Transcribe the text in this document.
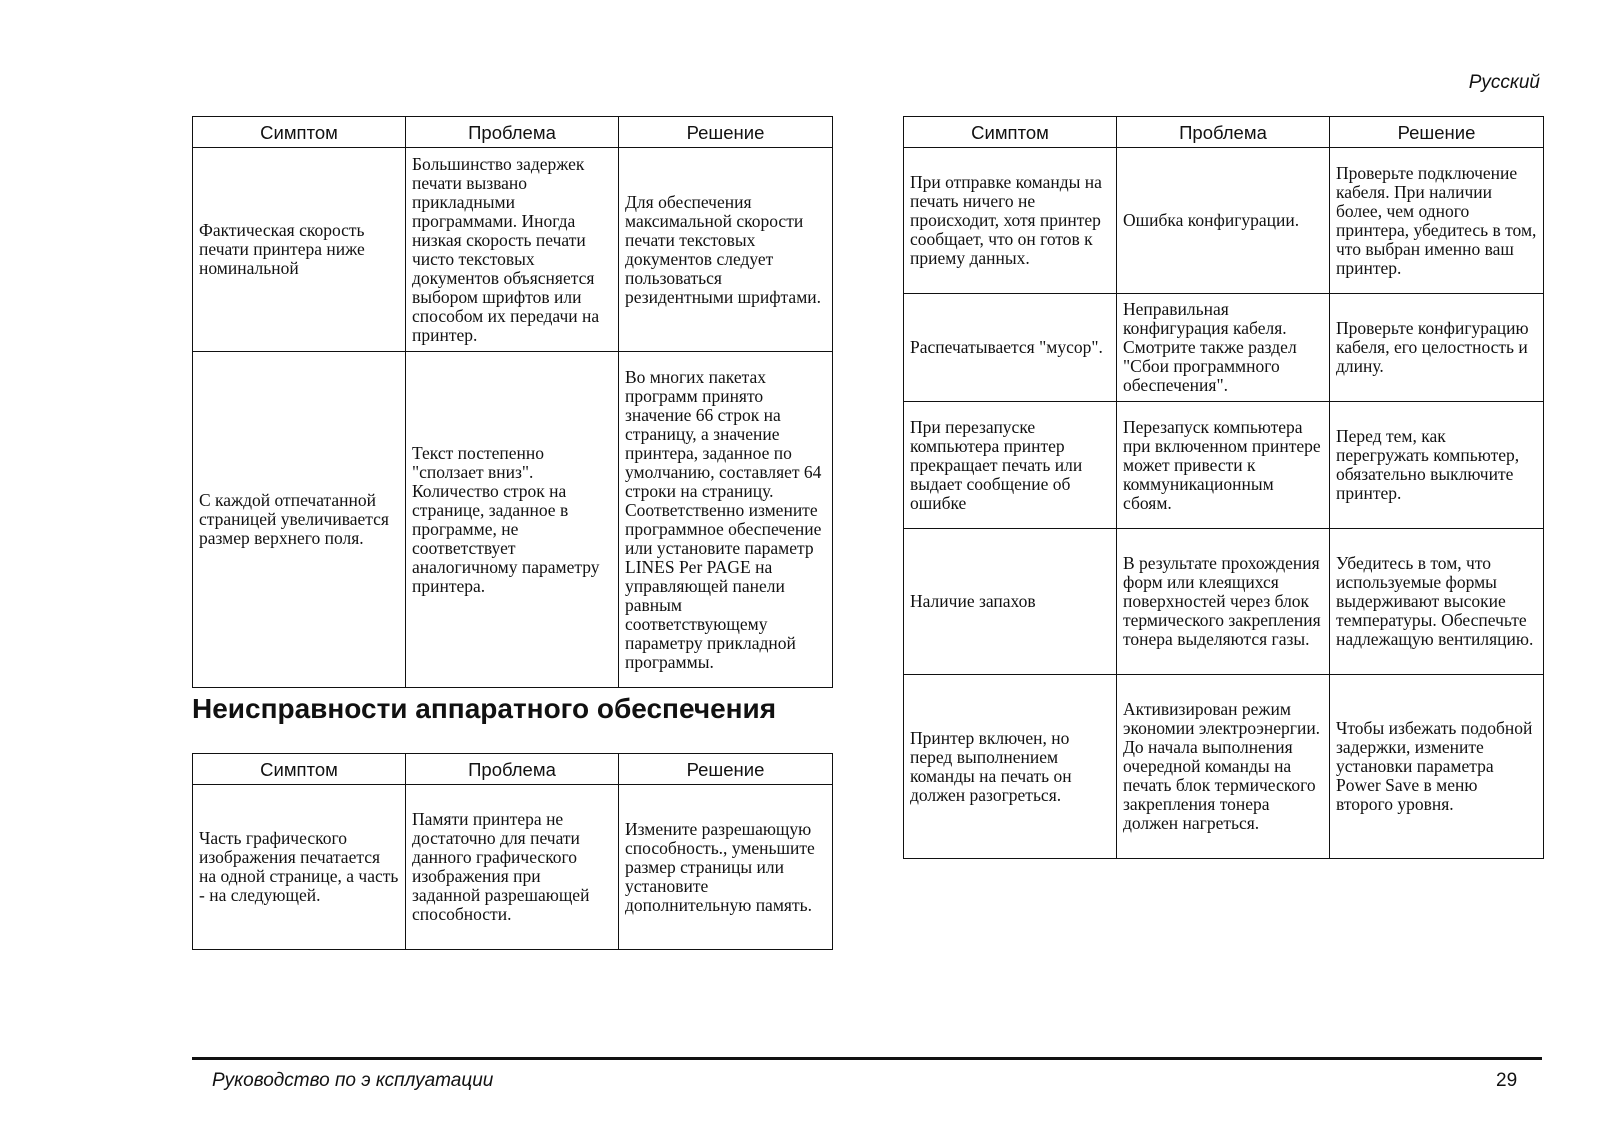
Русский
Симптом	Проблема	Решение
Фактическая скорость печати принтера ниже номинальной	Большинство задержек печати вызвано прикладными программами. Иногда низкая скорость печати чисто текстовых документов объясняется выбором шрифтов или способом их передачи на принтер.	Для обеспечения максимальной скорости печати текстовых документов следует пользоваться резидентными шрифтами.
С каждой отпечатанной страницей увеличивается размер верхнего поля.	Текст постепенно "сползает вниз". Количество строк на странице, заданное в программе, не соответствует аналогичному параметру принтера.	Во многих пакетах программ принято значение 66 строк на страницу, а значение принтера, заданное по умолчанию, составляет 64 строки на страницу. Соответственно измените программное обеспечение или установите параметр LINES Per PAGE на управляющей панели равным соответствующему параметру прикладной программы.
Неисправности аппаратного обеспечения
Симптом	Проблема	Решение
Часть графического изображения печатается на одной странице, а часть - на следующей.	Памяти принтера не достаточно для печати данного графического изображения при заданной разрешающей способности.	Измените разрешающую способность., уменьшите размер страницы или установите дополнительную память.
Симптом	Проблема	Решение
При отправке команды на печать ничего не происходит, хотя принтер сообщает, что он готов к приему данных.	Ошибка конфигурации.	Проверьте подключение кабеля. При наличии более, чем одного принтера, убедитесь в том, что выбран именно ваш принтер.
Распечатывается "мусор".	Неправильная конфигурация кабеля. Смотрите также раздел "Сбои программного обеспечения".	Проверьте конфигурацию кабеля, его целостность и длину.
При перезапуске компьютера принтер прекращает печать или выдает сообщение об ошибке	Перезапуск компьютера при включенном принтере может привести к коммуникационным сбоям.	Перед тем, как перегружать компьютер, обязательно выключите принтер.
Наличие запахов	В результате прохождения форм или клеящихся поверхностей через блок термического закрепления тонера выделяются газы.	Убедитесь в том, что используемые формы выдерживают высокие температуры. Обеспечьте надлежащую вентиляцию.
Принтер включен, но перед выполнением команды на печать он должен разогреться.	Активизирован режим экономии электроэнергии. До начала выполнения очередной команды на печать блок термического закрепления тонера должен нагреться.	Чтобы избежать подобной задержки, измените установки параметра Power Save в меню второго уровня.
Руководство по э ксплуатации	29
